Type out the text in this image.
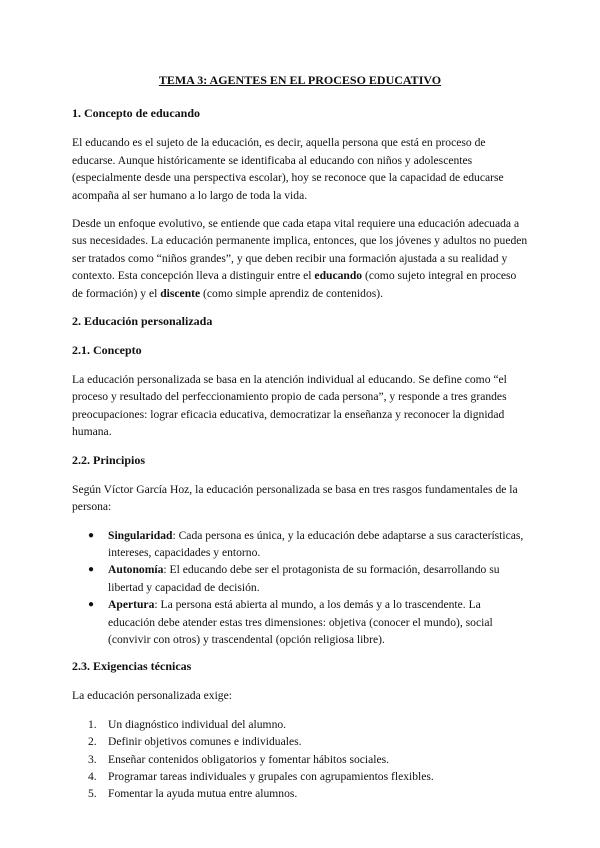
TEMA 3: AGENTES EN EL PROCESO EDUCATIVO
1. Concepto de educando

El educando es el sujeto de la educación, es decir, aquella persona que está en proceso de educarse. Aunque históricamente se identificaba al educando con niños y adolescentes (especialmente desde una perspectiva escolar), hoy se reconoce que la capacidad de educarse acompaña al ser humano a lo largo de toda la vida.

Desde un enfoque evolutivo, se entiende que cada etapa vital requiere una educación adecuada a sus necesidades. La educación permanente implica, entonces, que los jóvenes y adultos no pueden ser tratados como “niños grandes”, y que deben recibir una formación ajustada a su realidad y contexto. Esta concepción lleva a distinguir entre el educando (como sujeto integral en proceso de formación) y el discente (como simple aprendiz de contenidos).

2. Educación personalizada
2.1. Concepto

La educación personalizada se basa en la atención individual al educando. Se define como “el proceso y resultado del perfeccionamiento propio de cada persona”, y responde a tres grandes preocupaciones: lograr eficacia educativa, democratizar la enseñanza y reconocer la dignidad humana.

2.2. Principios

Según Víctor García Hoz, la educación personalizada se basa en tres rasgos fundamentales de la persona:

● Singularidad: Cada persona es única, y la educación debe adaptarse a sus características, intereses, capacidades y entorno.
● Autonomía: El educando debe ser el protagonista de su formación, desarrollando su libertad y capacidad de decisión.
● Apertura: La persona está abierta al mundo, a los demás y a lo trascendente. La educación debe atender estas tres dimensiones: objetiva (conocer el mundo), social (convivir con otros) y trascendental (opción religiosa libre).
2.3. Exigencias técnicas

La educación personalizada exige:

1. Un diagnóstico individual del alumno.
2. Definir objetivos comunes e individuales.
3. Enseñar contenidos obligatorios y fomentar hábitos sociales.
4. Programar tareas individuales y grupales con agrupamientos flexibles.
5. Fomentar la ayuda mutua entre alumnos.
